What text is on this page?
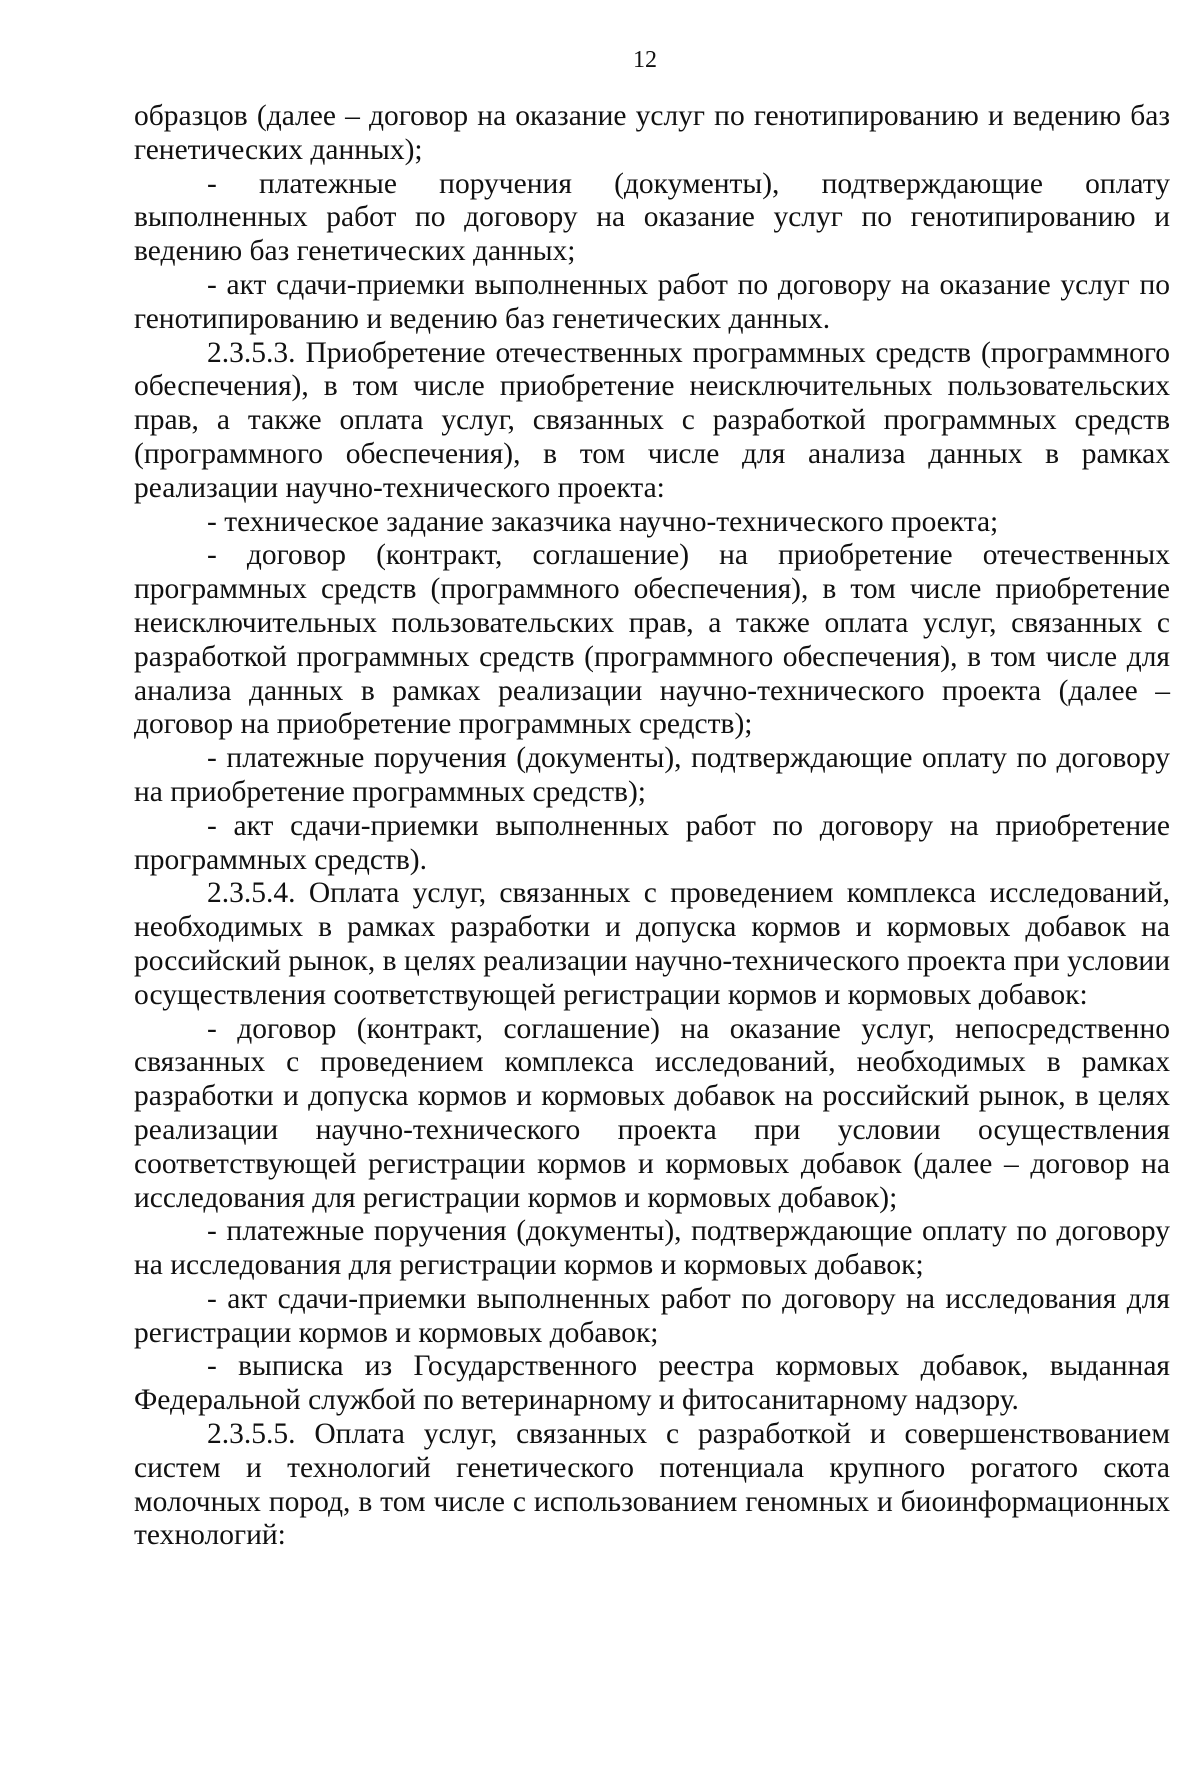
12

образцов (далее – договор на оказание услуг по генотипированию и ведению баз генетических данных);

- платежные поручения (документы), подтверждающие оплату выполненных работ по договору на оказание услуг по генотипированию и ведению баз генетических данных;

- акт сдачи-приемки выполненных работ по договору на оказание услуг по генотипированию и ведению баз генетических данных.

2.3.5.3. Приобретение отечественных программных средств (программного обеспечения), в том числе приобретение неисключительных пользовательских прав, а также оплата услуг, связанных с разработкой программных средств (программного обеспечения), в том числе для анализа данных в рамках реализации научно-технического проекта:

- техническое задание заказчика научно-технического проекта;

- договор (контракт, соглашение) на приобретение отечественных программных средств (программного обеспечения), в том числе приобретение неисключительных пользовательских прав, а также оплата услуг, связанных с разработкой программных средств (программного обеспечения), в том числе для анализа данных в рамках реализации научно-технического проекта (далее – договор на приобретение программных средств);

- платежные поручения (документы), подтверждающие оплату по договору на приобретение программных средств);

- акт сдачи-приемки выполненных работ по договору на приобретение программных средств).

2.3.5.4. Оплата услуг, связанных с проведением комплекса исследований, необходимых в рамках разработки и допуска кормов и кормовых добавок на российский рынок, в целях реализации научно-технического проекта при условии осуществления соответствующей регистрации кормов и кормовых добавок:

- договор (контракт, соглашение) на оказание услуг, непосредственно связанных с проведением комплекса исследований, необходимых в рамках разработки и допуска кормов и кормовых добавок на российский рынок, в целях реализации научно-технического проекта при условии осуществления соответствующей регистрации кормов и кормовых добавок (далее – договор на исследования для регистрации кормов и кормовых добавок);

- платежные поручения (документы), подтверждающие оплату по договору на исследования для регистрации кормов и кормовых добавок;

- акт сдачи-приемки выполненных работ по договору на исследования для регистрации кормов и кормовых добавок;

- выписка из Государственного реестра кормовых добавок, выданная Федеральной службой по ветеринарному и фитосанитарному надзору.

2.3.5.5. Оплата услуг, связанных с разработкой и совершенствованием систем и технологий генетического потенциала крупного рогатого скота молочных пород, в том числе с использованием геномных и биоинформационных технологий:
